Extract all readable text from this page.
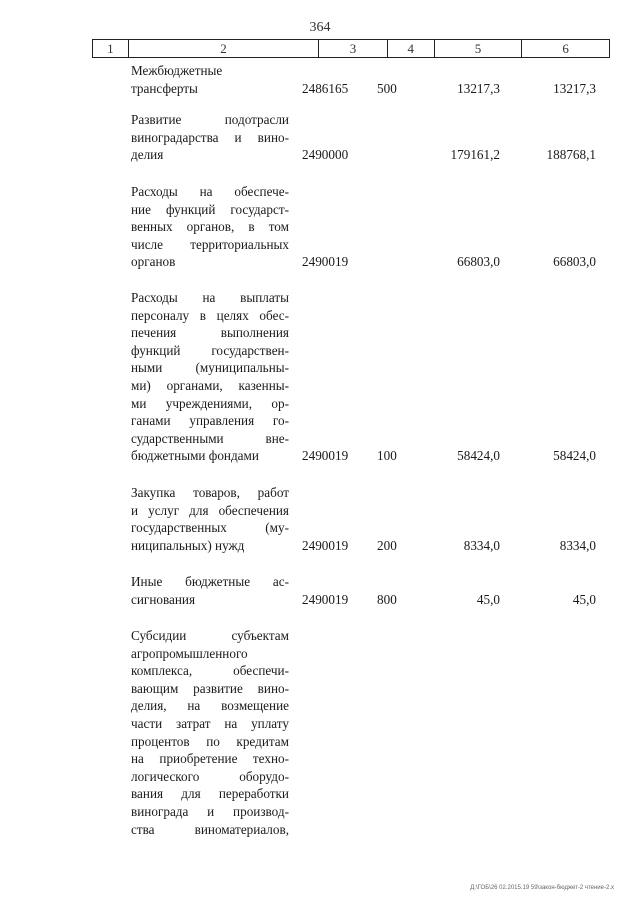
364
1	2	3	4	5	6
Межбюджетные трансферты	2486165 500	13217,3	13217,3
Развитие подотрасли
виноградарства и вино-
делия	2490000	179161,2	188768,1
Расходы на обеспече-
ние функций государст-
венных органов, в том
числе территориальных
органов	2490019	66803,0	66803,0
Расходы на выплаты
персоналу в целях обес-
печения выполнения
функций государствен-
ными (муниципальны-
ми) органами, казенны-
ми учреждениями, ор-
ганами управления го-
сударственными вне-
бюджетными фондами	2490019 100	58424,0	58424,0
Закупка товаров, работ
и услуг для обеспечения
государственных (му-
ниципальных) нужд	2490019 200	8334,0	8334,0
Иные бюджетные ас-
сигнования	2490019 800	45,0	45,0
Субсидии субъектам
агропромышленного
комплекса, обеспечи-
вающим развитие вино-
делия, на возмещение
части затрат на уплату
процентов по кредитам
на приобретение техно-
логического оборудо-
вания для переработки
винограда и производ-
ства виноматериалов,
Д:\ГОБ\26 02.2015.19 59\закон-бюджет-2 чтение-2.x
